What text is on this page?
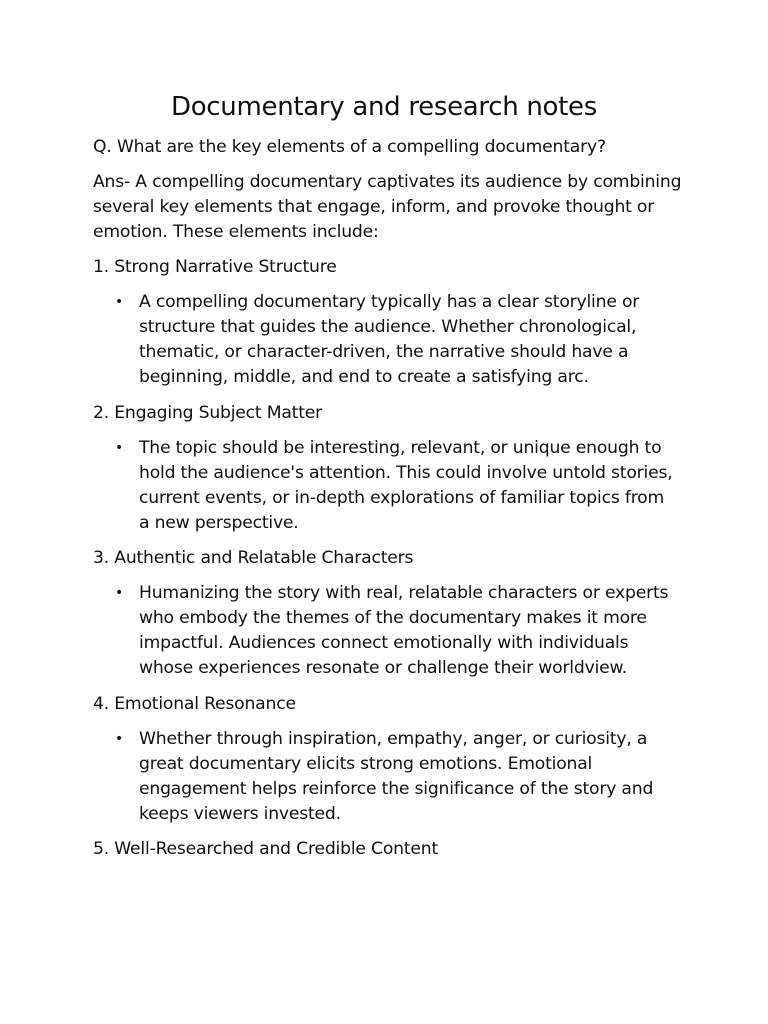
Documentary and research notes

Q. What are the key elements of a compelling documentary?

Ans- A compelling documentary captivates its audience by combining several key elements that engage, inform, and provoke thought or emotion. These elements include:

1. Strong Narrative Structure

• A compelling documentary typically has a clear storyline or structure that guides the audience. Whether chronological, thematic, or character-driven, the narrative should have a beginning, middle, and end to create a satisfying arc.

2. Engaging Subject Matter

• The topic should be interesting, relevant, or unique enough to hold the audience's attention. This could involve untold stories, current events, or in-depth explorations of familiar topics from a new perspective.

3. Authentic and Relatable Characters

• Humanizing the story with real, relatable characters or experts who embody the themes of the documentary makes it more impactful. Audiences connect emotionally with individuals whose experiences resonate or challenge their worldview.

4. Emotional Resonance

• Whether through inspiration, empathy, anger, or curiosity, a great documentary elicits strong emotions. Emotional engagement helps reinforce the significance of the story and keeps viewers invested.

5. Well-Researched and Credible Content
